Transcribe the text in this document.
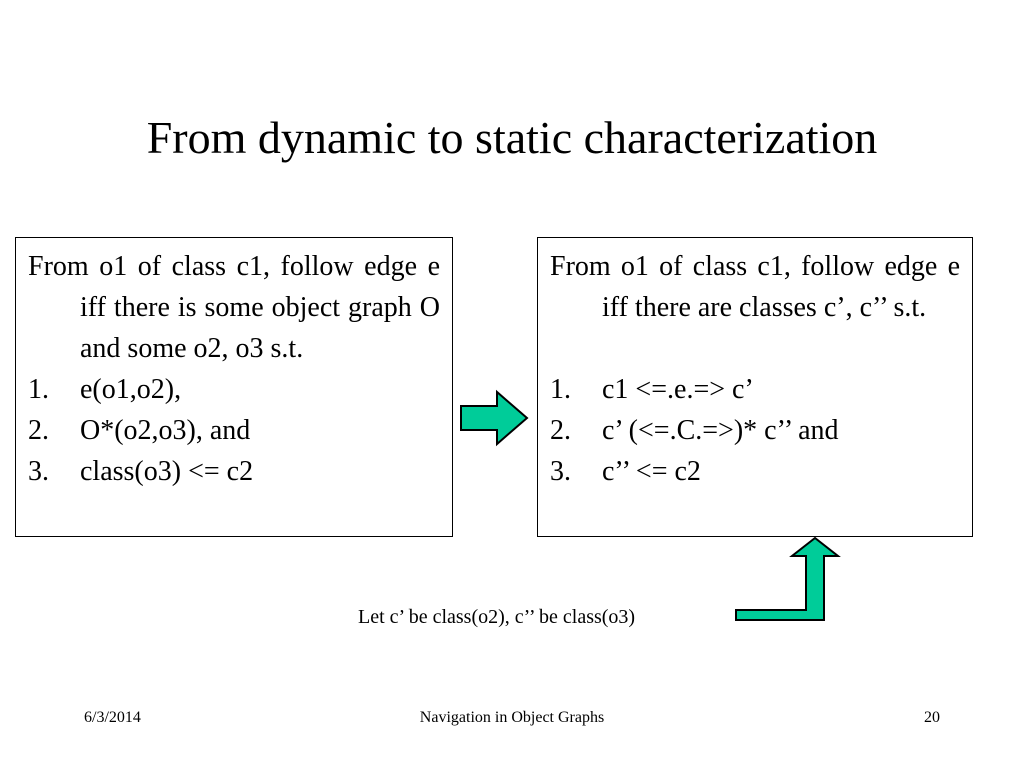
From dynamic to static characterization

From o1 of class c1, follow edge e iff there is some object graph O and some o2, o3 s.t.

1. e(o1,o2),
2. O*(o2,o3), and
3. class(o3) <= c2

From o1 of class c1, follow edge e iff there are classes c’, c’’ s.t.

1. c1 <=.e.=> c’
2. c’ (<=.C.=>)* c’’ and
3. c’’ <= c2
Let c’ be class(o2), c’’ be class(o3)
6/3/2014	Navigation in Object Graphs	20
